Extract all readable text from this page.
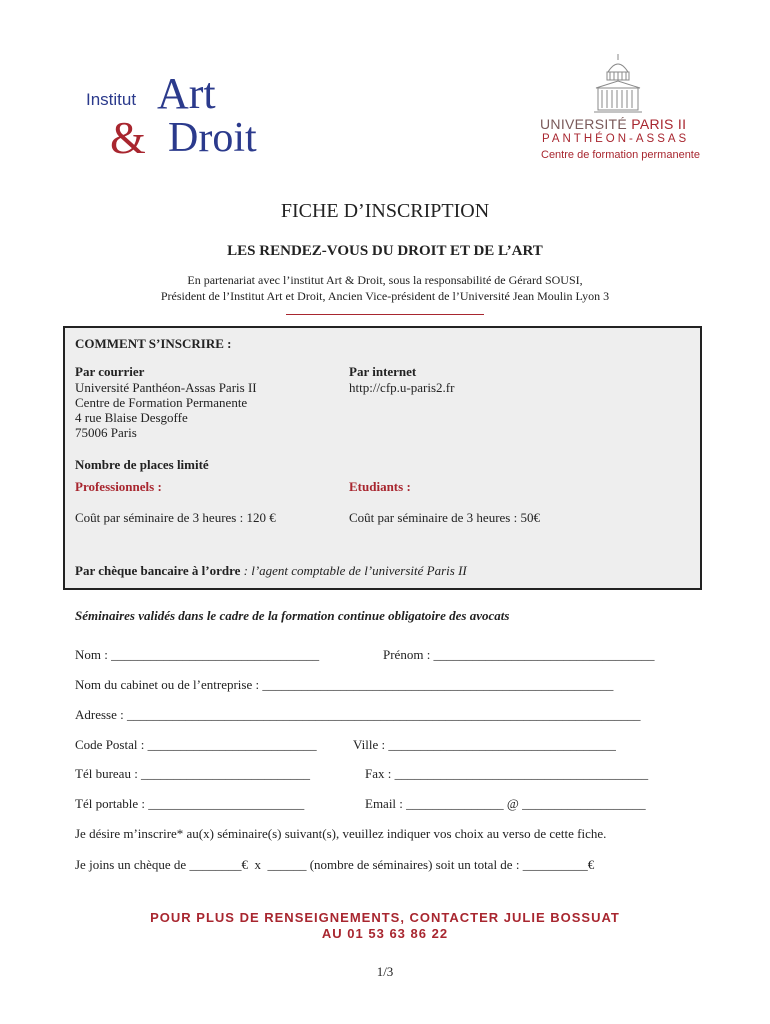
Institut Art
& Droit	UNIVERSITÉ PARIS II
PANTHÉON-ASSAS
Centre de formation permanente
FICHE D’INSCRIPTION
LES RENDEZ-VOUS DU DROIT ET DE L’ART
En partenariat avec l’institut Art & Droit, sous la responsabilité de Gérard SOUSI,
Président de l’Institut Art et Droit, Ancien Vice-président de l’Université Jean Moulin Lyon 3
COMMENT S’INSCRIRE :
Par courrier
Université Panthéon-Assas Paris II
Centre de Formation Permanente
4 rue Blaise Desgoffe
75006 Paris
Par internet
http://cfp.u-paris2.fr
Nombre de places limité
Professionnels :	Etudiants :
Coût par séminaire de 3 heures : 120 €	Coût par séminaire de 3 heures : 50€
Par chèque bancaire à l’ordre : l’agent comptable de l’université Paris II
Séminaires validés dans le cadre de la formation continue obligatoire des avocats
Nom : ________________________________	Prénom : __________________________________
Nom du cabinet ou de l’entreprise : ______________________________________________________
Adresse : _______________________________________________________________________________
Code Postal : __________________________	Ville : ___________________________________
Tél bureau : __________________________	Fax : _______________________________________
Tél portable : ________________________	Email : _______________ @ ___________________
Je désire m’inscrire* au(x) séminaire(s) suivant(s), veuillez indiquer vos choix au verso de cette fiche.
Je joins un chèque de ________€  x  ______ (nombre de séminaires) soit un total de : __________€
POUR PLUS DE RENSEIGNEMENTS, CONTACTER JULIE BOSSUAT
AU 01 53 63 86 22
1/3
